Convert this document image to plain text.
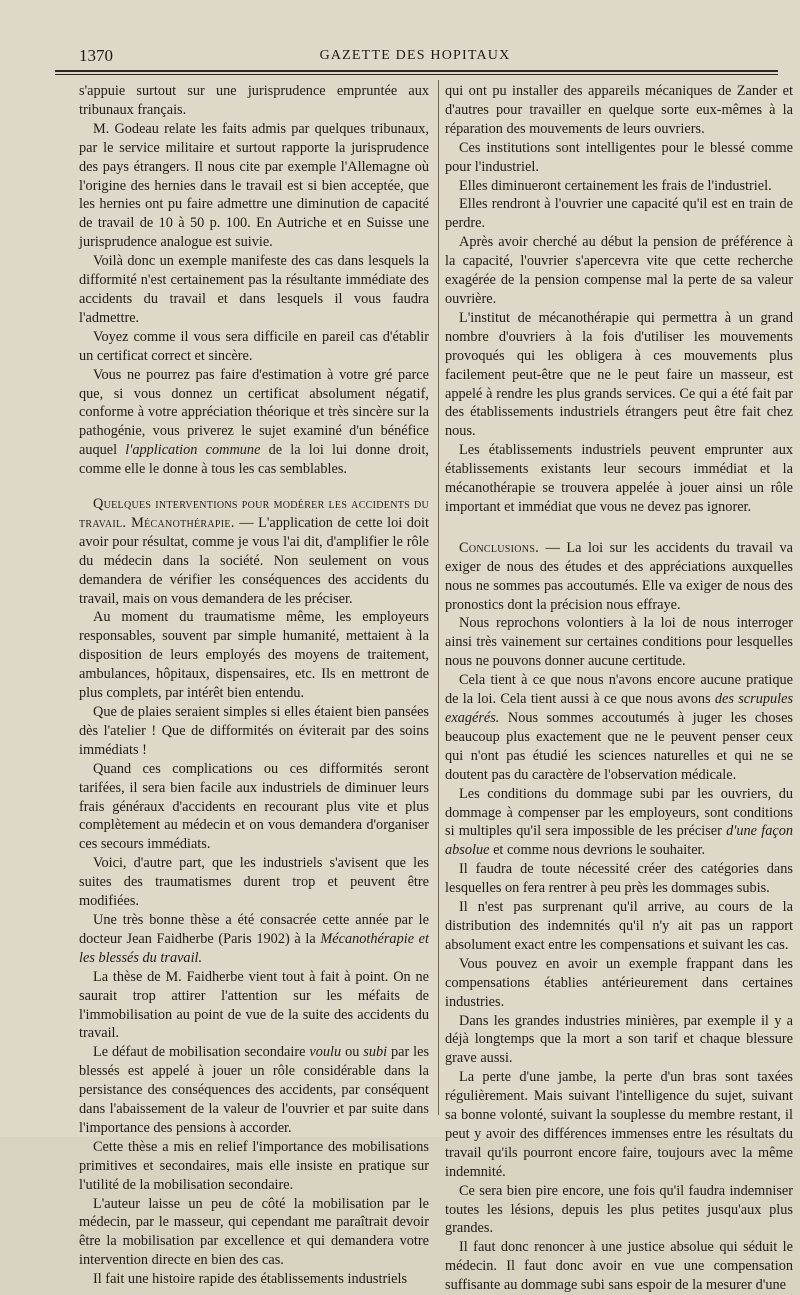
1370	GAZETTE DES HOPITAUX

s'appuie surtout sur une jurisprudence empruntée aux tribunaux français.

M. Godeau relate les faits admis par quelques tribunaux, par le service militaire et surtout rapporte la jurisprudence des pays étrangers. Il nous cite par exemple l'Allemagne où l'origine des hernies dans le travail est si bien acceptée, que les hernies ont pu faire admettre une diminution de capacité de travail de 10 à 50 p. 100. En Autriche et en Suisse une jurisprudence analogue est suivie.

Voilà donc un exemple manifeste des cas dans lesquels la difformité n'est certainement pas la résultante immédiate des accidents du travail et dans lesquels il vous faudra l'admettre.

Voyez comme il vous sera difficile en pareil cas d'établir un certificat correct et sincère.

Vous ne pourrez pas faire d'estimation à votre gré parce que, si vous donnez un certificat absolument négatif, conforme à votre appréciation théorique et très sincère sur la pathogénie, vous priverez le sujet examiné d'un bénéfice auquel l'application commune de la loi lui donne droit, comme elle le donne à tous les cas semblables.

Quelques interventions pour modérer les accidents du travail. Mécanothérapie. — L'application de cette loi doit avoir pour résultat, comme je vous l'ai dit, d'amplifier le rôle du médecin dans la société. Non seulement on vous demandera de vérifier les conséquences des accidents du travail, mais on vous demandera de les préciser.

Au moment du traumatisme même, les employeurs responsables, souvent par simple humanité, mettaient à la disposition de leurs employés des moyens de traitement, ambulances, hôpitaux, dispensaires, etc. Ils en mettront de plus complets, par intérêt bien entendu.

Que de plaies seraient simples si elles étaient bien pansées dès l'atelier ! Que de difformités on éviterait par des soins immédiats !

Quand ces complications ou ces difformités seront tarifées, il sera bien facile aux industriels de diminuer leurs frais généraux d'accidents en recourant plus vite et plus complètement au médecin et on vous demandera d'organiser ces secours immédiats.

Voici, d'autre part, que les industriels s'avisent que les suites des traumatismes durent trop et peuvent être modifiées.

Une très bonne thèse a été consacrée cette année par le docteur Jean Faidherbe (Paris 1902) à la Mécanothérapie et les blessés du travail.

La thèse de M. Faidherbe vient tout à fait à point. On ne saurait trop attirer l'attention sur les méfaits de l'immobilisation au point de vue de la suite des accidents du travail.

Le défaut de mobilisation secondaire voulu ou subi par les blessés est appelé à jouer un rôle considérable dans la persistance des conséquences des accidents, par conséquent dans l'abaissement de la valeur de l'ouvrier et par suite dans l'importance des pensions à accorder.

Cette thèse a mis en relief l'importance des mobilisations primitives et secondaires, mais elle insiste en pratique sur l'utilité de la mobilisation secondaire.

L'auteur laisse un peu de côté la mobilisation par le médecin, par le masseur, qui cependant me paraîtrait devoir être la mobilisation par excellence et qui demandera votre intervention directe en bien des cas.

Il fait une histoire rapide des établissements industriels

qui ont pu installer des appareils mécaniques de Zander et d'autres pour travailler en quelque sorte eux-mêmes à la réparation des mouvements de leurs ouvriers.

Ces institutions sont intelligentes pour le blessé comme pour l'industriel.

Elles diminueront certainement les frais de l'industriel.

Elles rendront à l'ouvrier une capacité qu'il est en train de perdre.

Après avoir cherché au début la pension de préférence à la capacité, l'ouvrier s'apercevra vite que cette recherche exagérée de la pension compense mal la perte de sa valeur ouvrière.

L'institut de mécanothérapie qui permettra à un grand nombre d'ouvriers à la fois d'utiliser les mouvements provoqués qui les obligera à ces mouvements plus facilement peut-être que ne le peut faire un masseur, est appelé à rendre les plus grands services. Ce qui a été fait par des établissements industriels étrangers peut être fait chez nous.

Les établissements industriels peuvent emprunter aux établissements existants leur secours immédiat et la mécanothérapie se trouvera appelée à jouer ainsi un rôle important et immédiat que vous ne devez pas ignorer.

Conclusions. — La loi sur les accidents du travail va exiger de nous des études et des appréciations auxquelles nous ne sommes pas accoutumés. Elle va exiger de nous des pronostics dont la précision nous effraye.

Nous reprochons volontiers à la loi de nous interroger ainsi très vainement sur certaines conditions pour lesquelles nous ne pouvons donner aucune certitude.

Cela tient à ce que nous n'avons encore aucune pratique de la loi. Cela tient aussi à ce que nous avons des scrupules exagérés. Nous sommes accoutumés à juger les choses beaucoup plus exactement que ne le peuvent penser ceux qui n'ont pas étudié les sciences naturelles et qui ne se doutent pas du caractère de l'observation médicale.

Les conditions du dommage subi par les ouvriers, du dommage à compenser par les employeurs, sont conditions si multiples qu'il sera impossible de les préciser d'une façon absolue et comme nous devrions le souhaiter.

Il faudra de toute nécessité créer des catégories dans lesquelles on fera rentrer à peu près les dommages subis.

Il n'est pas surprenant qu'il arrive, au cours de la distribution des indemnités qu'il n'y ait pas un rapport absolument exact entre les compensations et suivant les cas.

Vous pouvez en avoir un exemple frappant dans les compensations établies antérieurement dans certaines industries.

Dans les grandes industries minières, par exemple il y a déjà longtemps que la mort a son tarif et chaque blessure grave aussi.

La perte d'une jambe, la perte d'un bras sont taxées régulièrement. Mais suivant l'intelligence du sujet, suivant sa bonne volonté, suivant la souplesse du membre restant, il peut y avoir des différences immenses entre les résultats du travail qu'ils pourront encore faire, toujours avec la même indemnité.

Ce sera bien pire encore, une fois qu'il faudra indemniser toutes les lésions, depuis les plus petites jusqu'aux plus grandes.

Il faut donc renoncer à une justice absolue qui séduit le médecin. Il faut donc avoir en vue une compensation suffisante au dommage subi sans espoir de la mesurer d'une
